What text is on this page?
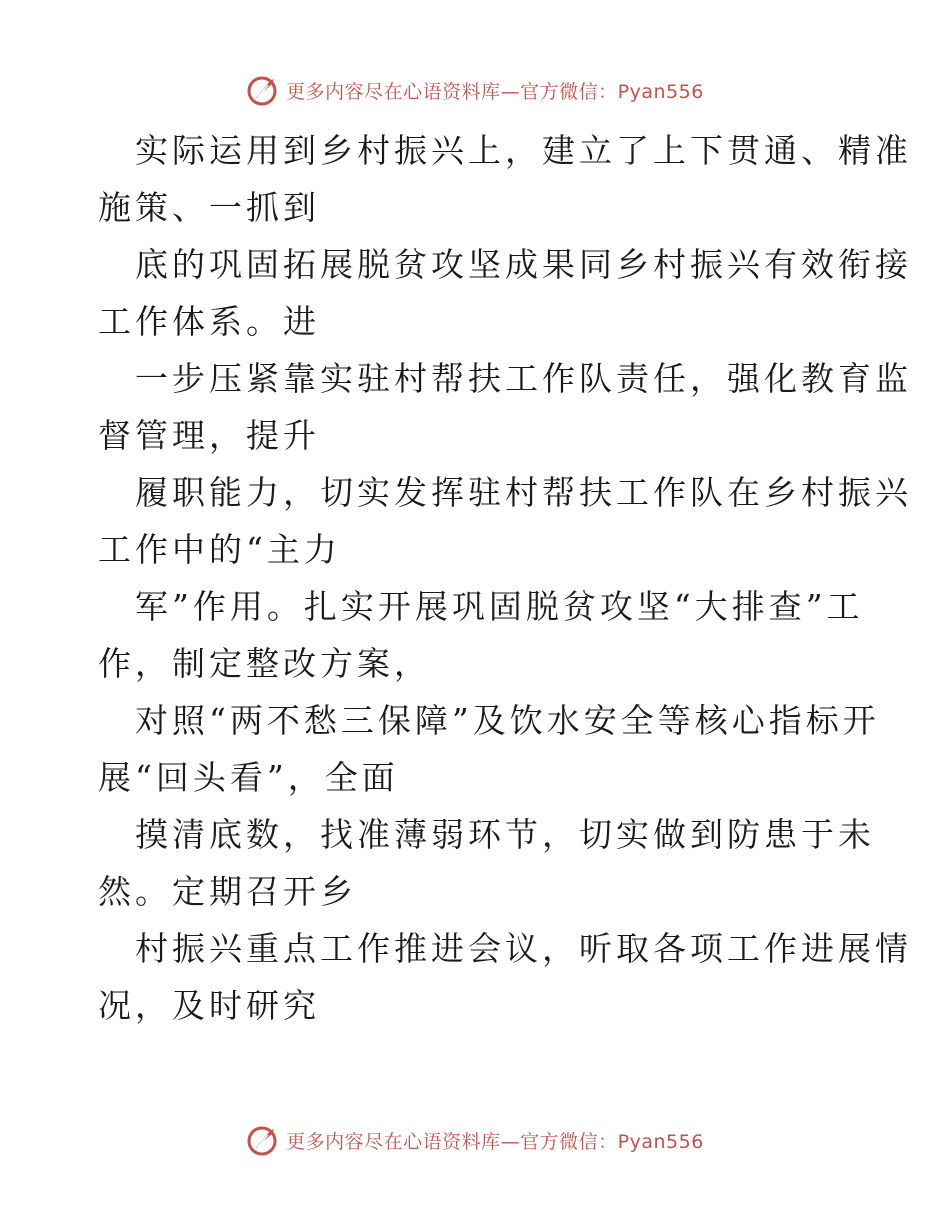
更多内容尽在心语资料库—官方微信：Pyan556
实际运用到乡村振兴上，建立了上下贯通、精准
施策、一抓到
底的巩固拓展脱贫攻坚成果同乡村振兴有效衔接
工作体系。进
一步压紧靠实驻村帮扶工作队责任，强化教育监
督管理，提升
履职能力，切实发挥驻村帮扶工作队在乡村振兴
工作中的“主力
军”作用。扎实开展巩固脱贫攻坚“大排查”工
作，制定整改方案，
对照“两不愁三保障”及饮水安全等核心指标开
展“回头看”，全面
摸清底数，找准薄弱环节，切实做到防患于未
然。定期召开乡
村振兴重点工作推进会议，听取各项工作进展情
况，及时研究
更多内容尽在心语资料库—官方微信：Pyan556
